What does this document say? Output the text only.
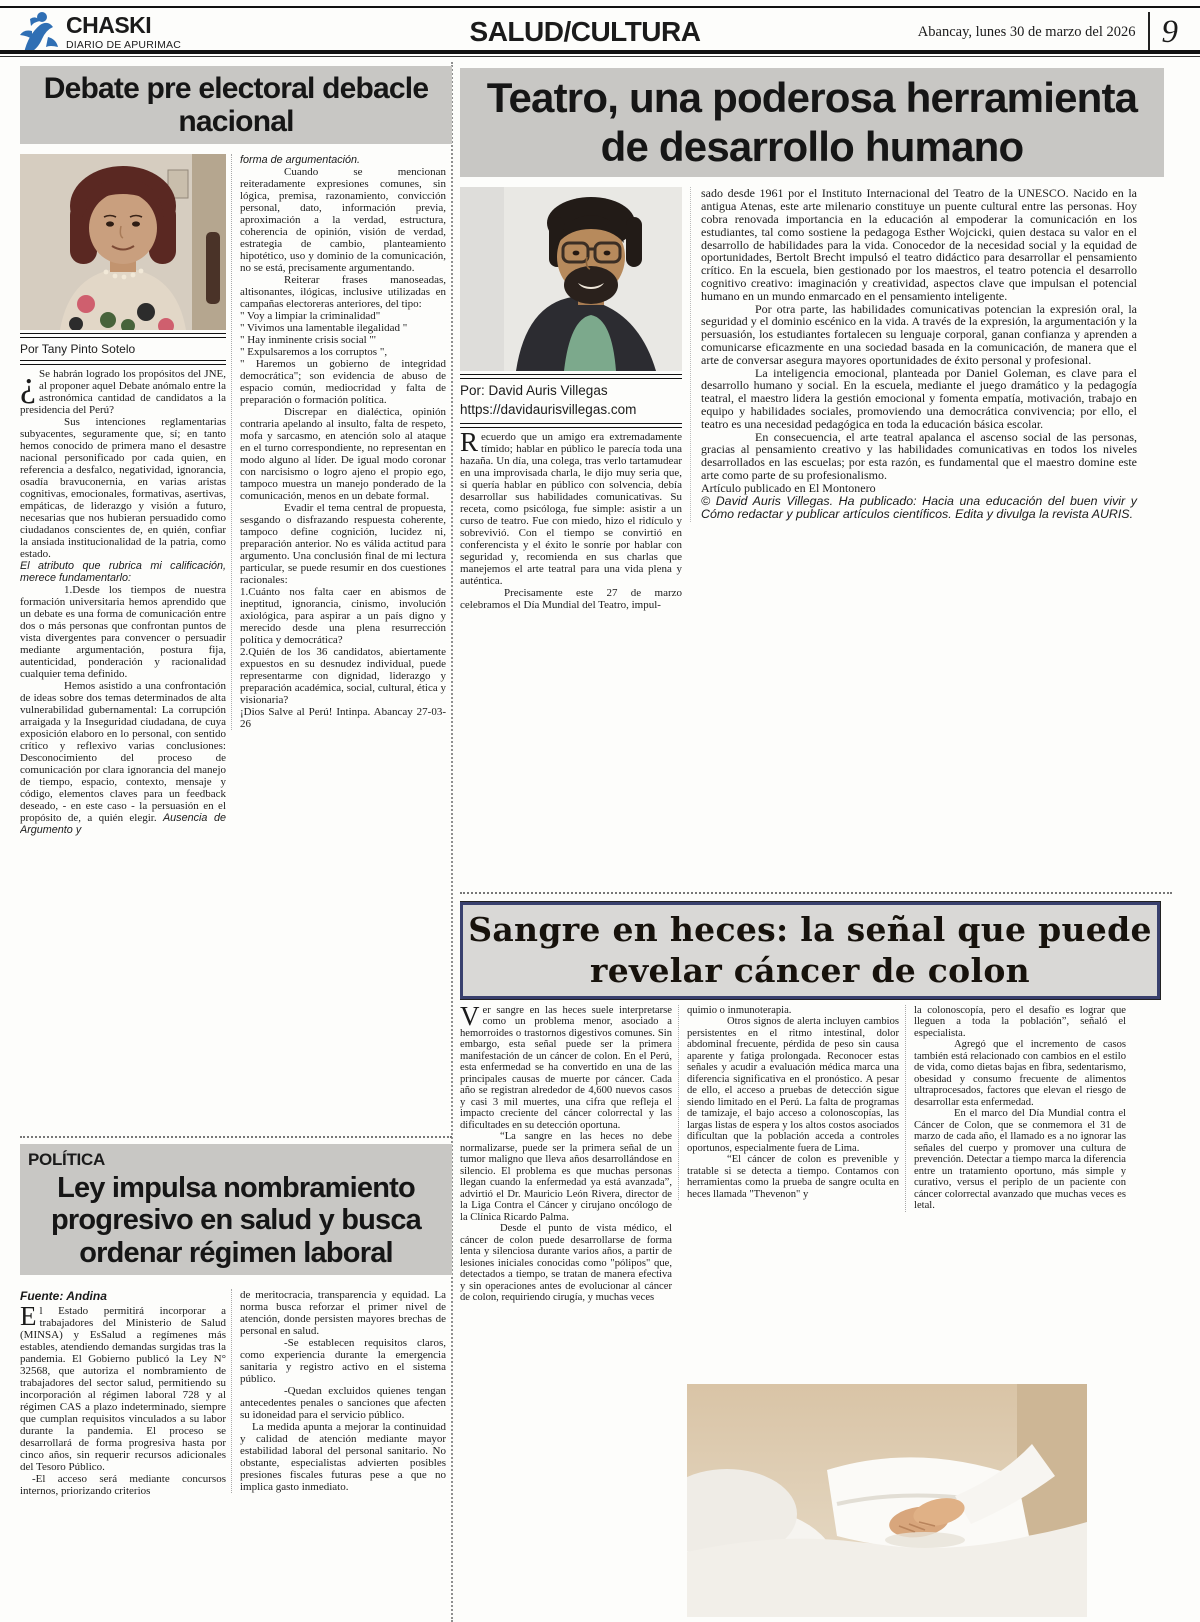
CHASKI
DIARIO DE APURIMAC	SALUD/CULTURA	Abancay, lunes 30 de marzo del 2026 9
Debate pre electoral debacle nacional
Por Tany Pinto Sotelo

¿ Se habrán logrado los propósitos del JNE, al proponer aquel Debate anómalo entre la astronómica cantidad de candidatos a la presidencia del Perú?

Sus intenciones reglamentarias subyacentes, seguramente que, sí; en tanto hemos conocido de primera mano el desastre nacional personificado por cada quien, en referencia a desfalco, negatividad, ignorancia, osadía bravuconernia, en varias aristas cognitivas, emocionales, formativas, asertivas, empáticas, de liderazgo y visión a futuro, necesarias que nos hubieran persuadido como ciudadanos conscientes de, en quién, confiar la ansiada institucionalidad de la patria, como estado.

El atributo que rubrica mi calificación, merece fundamentarlo:

1.Desde los tiempos de nuestra formación universitaria hemos aprendido que un debate es una forma de comunicación entre dos o más personas que confrontan puntos de vista divergentes para convencer o persuadir mediante argumentación, postura fija, autenticidad, ponderación y racionalidad cualquier tema definido.

Hemos asistido a una confrontación de ideas sobre dos temas determinados de alta vulnerabilidad gubernamental: La corrupción arraigada y la Inseguridad ciudadana, de cuya exposición elaboro en lo personal, con sentido crítico y reflexivo varias conclusiones: Desconocimiento del proceso de comunicación por clara ignorancia del manejo de tiempo, espacio, contexto, mensaje y código, elementos claves para un feedback deseado, - en este caso - la persuasión en el propósito de, a quién elegir. Ausencia de Argumento y

forma de argumentación.

Cuando se mencionan reiteradamente expresiones comunes, sin lógica, premisa, razonamiento, convicción personal, dato, información previa, aproximación a la verdad, estructura, coherencia de opinión, visión de verdad, estrategia de cambio, planteamiento hipotético, uso y dominio de la comunicación, no se está, precisamente argumentando.

Reiterar frases manoseadas, altisonantes, ilógicas, inclusive utilizadas en campañas electoreras anteriores, del tipo:

" Voy a limpiar la criminalidad"

" Vivimos una lamentable ilegalidad "

" Hay inminente crisis social "'

" Expulsaremos a los corruptos ",

" Haremos un gobierno de integridad democrática"; son evidencia de abuso de espacio común, mediocridad y falta de preparación o formación política.

Discrepar en dialéctica, opinión contraria apelando al insulto, falta de respeto, mofa y sarcasmo, en atención solo al ataque en el turno correspondiente, no representan en modo alguno al líder. De igual modo coronar con narcisismo o logro ajeno el propio ego, tampoco muestra un manejo ponderado de la comunicación, menos en un debate formal.

Evadir el tema central de propuesta, sesgando o disfrazando respuesta coherente, tampoco define cognición, lucidez ni, preparación anterior. No es válida actitud para argumento. Una conclusión final de mi lectura particular, se puede resumir en dos cuestiones racionales:

1.Cuánto nos falta caer en abismos de ineptitud, ignorancia, cinismo, involución axiológica, para aspirar a un país digno y merecido desde una plena resurrección política y democrática?

2.Quién de los 36 candidatos, abiertamente expuestos en su desnudez individual, puede representarme con dignidad, liderazgo y preparación académica, social, cultural, ética y visionaria?

¡Dios Salve al Perú! Intinpa. Abancay 27-03-26

POLÍTICA
Ley impulsa nombramiento progresivo en salud y busca ordenar régimen laboral
Fuente: Andina

El Estado permitirá incorporar a trabajadores del Ministerio de Salud (MINSA) y EsSalud a regímenes más estables, atendiendo demandas surgidas tras la pandemia. El Gobierno publicó la Ley N° 32568, que autoriza el nombramiento de trabajadores del sector salud, permitiendo su incorporación al régimen laboral 728 y al régimen CAS a plazo indeterminado, siempre que cumplan requisitos vinculados a su labor durante la pandemia. El proceso se desarrollará de forma progresiva hasta por cinco años, sin requerir recursos adicionales del Tesoro Público.

-El acceso será mediante concursos internos, priorizando criterios

de meritocracia, transparencia y equidad. La norma busca reforzar el primer nivel de atención, donde persisten mayores brechas de personal en salud.

-Se establecen requisitos claros, como experiencia durante la emergencia sanitaria y registro activo en el sistema público.

-Quedan excluidos quienes tengan antecedentes penales o sanciones que afecten su idoneidad para el servicio público.

La medida apunta a mejorar la continuidad y calidad de atención mediante mayor estabilidad laboral del personal sanitario. No obstante, especialistas advierten posibles presiones fiscales futuras pese a que no implica gasto inmediato.

Teatro, una poderosa herramienta de desarrollo humano
Por: David Auris Villegas
https://davidaurisvillegas.com

Recuerdo que un amigo era extremadamente tímido; hablar en público le parecía toda una hazaña. Un día, una colega, tras verlo tartamudear en una improvisada charla, le dijo muy seria que, si quería hablar en público con solvencia, debía desarrollar sus habilidades comunicativas. Su receta, como psicóloga, fue simple: asistir a un curso de teatro. Fue con miedo, hizo el ridículo y sobrevivió. Con el tiempo se convirtió en conferencista y el éxito le sonríe por hablar con seguridad y, recomienda en sus charlas que manejemos el arte teatral para una vida plena y auténtica.

Precisamente este 27 de marzo celebramos el Día Mundial del Teatro, impul-

sado desde 1961 por el Instituto Internacional del Teatro de la UNESCO. Nacido en la antigua Atenas, este arte milenario constituye un puente cultural entre las personas. Hoy cobra renovada importancia en la educación al empoderar la comunicación en los estudiantes, tal como sostiene la pedagoga Esther Wojcicki, quien destaca su valor en el desarrollo de habilidades para la vida. Conocedor de la necesidad social y la equidad de oportunidades, Bertolt Brecht impulsó el teatro didáctico para desarrollar el pensamiento crítico. En la escuela, bien gestionado por los maestros, el teatro potencia el desarrollo cognitivo creativo: imaginación y creatividad, aspectos clave que impulsan el potencial humano en un mundo enmarcado en el pensamiento inteligente.

Por otra parte, las habilidades comunicativas potencian la expresión oral, la seguridad y el dominio escénico en la vida. A través de la expresión, la argumentación y la persuasión, los estudiantes fortalecen su lenguaje corporal, ganan confianza y aprenden a comunicarse eficazmente en una sociedad basada en la comunicación, de manera que el arte de conversar asegura mayores oportunidades de éxito personal y profesional.

La inteligencia emocional, planteada por Daniel Goleman, es clave para el desarrollo humano y social. En la escuela, mediante el juego dramático y la pedagogía teatral, el maestro lidera la gestión emocional y fomenta empatía, motivación, trabajo en equipo y habilidades sociales, promoviendo una democrática convivencia; por ello, el teatro es una necesidad pedagógica en toda la educación básica escolar.

En consecuencia, el arte teatral apalanca el ascenso social de las personas, gracias al pensamiento creativo y las habilidades comunicativas en todos los niveles desarrollados en las escuelas; por esta razón, es fundamental que el maestro domine este arte como parte de su profesionalismo.

Artículo publicado en El Montonero

© David Auris Villegas. Ha publicado: Hacia una educación del buen vivir y Cómo redactar y publicar artículos científicos. Edita y divulga la revista AURIS.

Sangre en heces: la señal que puede revelar cáncer de colon

Ver sangre en las heces suele interpretarse como un problema menor, asociado a hemorroides o trastornos digestivos comunes. Sin embargo, esta señal puede ser la primera manifestación de un cáncer de colon. En el Perú, esta enfermedad se ha convertido en una de las principales causas de muerte por cáncer. Cada año se registran alrededor de 4,600 nuevos casos y casi 3 mil muertes, una cifra que refleja el impacto creciente del cáncer colorrectal y las dificultades en su detección oportuna.

“La sangre en las heces no debe normalizarse, puede ser la primera señal de un tumor maligno que lleva años desarrollándose en silencio. El problema es que muchas personas llegan cuando la enfermedad ya está avanzada”, advirtió el Dr. Mauricio León Rivera, director de la Liga Contra el Cáncer y cirujano oncólogo de la Clínica Ricardo Palma.

Desde el punto de vista médico, el cáncer de colon puede desarrollarse de forma lenta y silenciosa durante varios años, a partir de lesiones iniciales conocidas como "pólipos" que, detectados a tiempo, se tratan de manera efectiva y sin operaciones antes de evolucionar al cáncer de colon, requiriendo cirugía, y muchas veces

quimio o inmunoterapia.

Otros signos de alerta incluyen cambios persistentes en el ritmo intestinal, dolor abdominal frecuente, pérdida de peso sin causa aparente y fatiga prolongada. Reconocer estas señales y acudir a evaluación médica marca una diferencia significativa en el pronóstico. A pesar de ello, el acceso a pruebas de detección sigue siendo limitado en el Perú. La falta de programas de tamizaje, el bajo acceso a colonoscopías, las largas listas de espera y los altos costos asociados dificultan que la población acceda a controles oportunos, especialmente fuera de Lima.

“El cáncer de colon es prevenible y tratable si se detecta a tiempo. Contamos con herramientas como la prueba de sangre oculta en heces llamada "Thevenon" y

la colonoscopía, pero el desafío es lograr que lleguen a toda la población”, señaló el especialista.

Agregó que el incremento de casos también está relacionado con cambios en el estilo de vida, como dietas bajas en fibra, sedentarismo, obesidad y consumo frecuente de alimentos ultraprocesados, factores que elevan el riesgo de desarrollar esta enfermedad.

En el marco del Día Mundial contra el Cáncer de Colon, que se conmemora el 31 de marzo de cada año, el llamado es a no ignorar las señales del cuerpo y promover una cultura de prevención. Detectar a tiempo marca la diferencia entre un tratamiento oportuno, más simple y curativo, versus el periplo de un paciente con cáncer colorrectal avanzado que muchas veces es letal.
